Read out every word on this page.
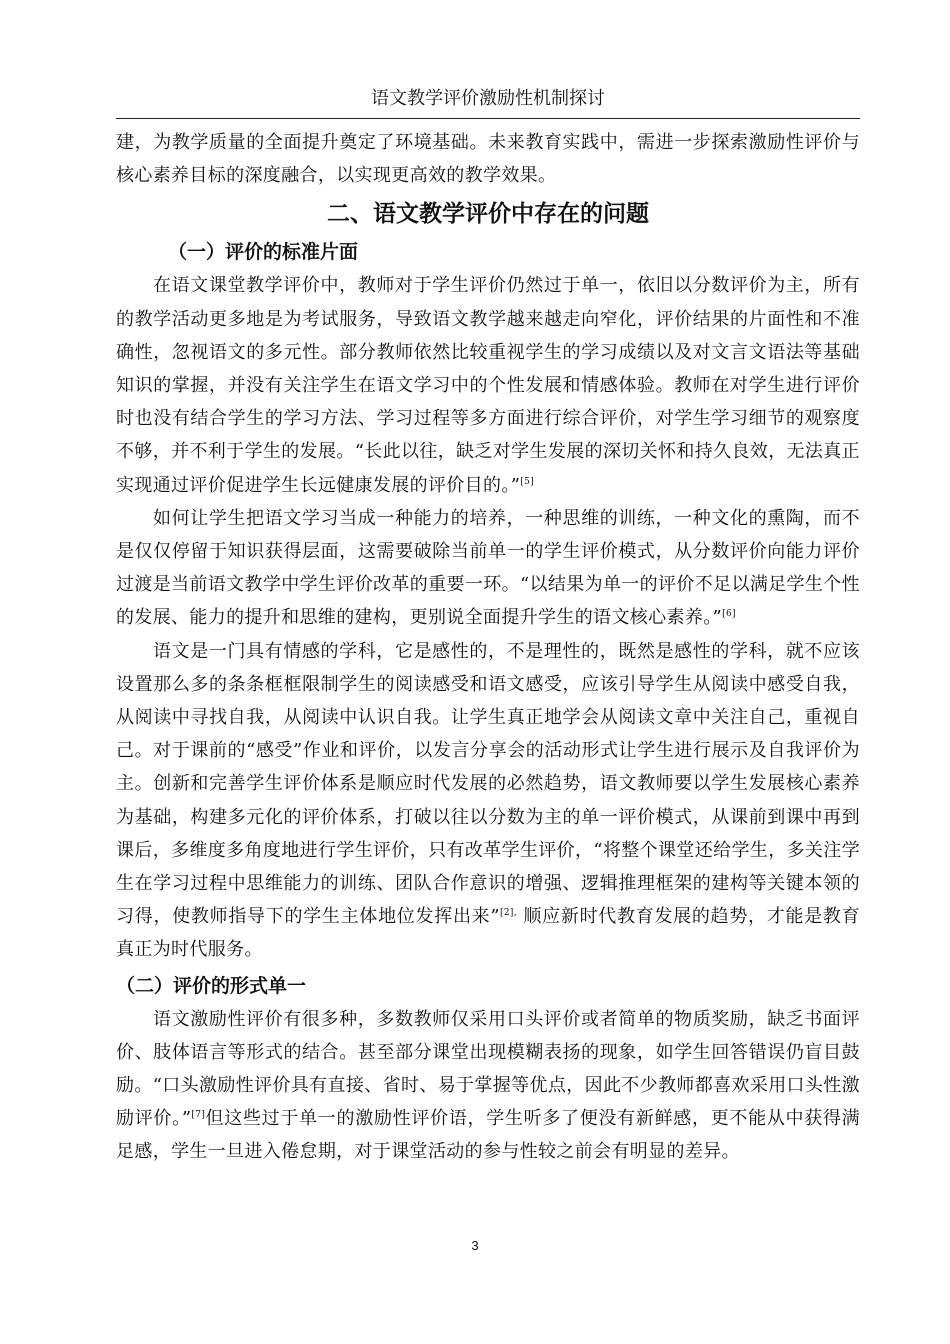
语文教学评价激励性机制探讨

建，为教学质量的全面提升奠定了环境基础。未来教育实践中，需进一步探索激励性评价与核心素养目标的深度融合，以实现更高效的教学效果。

二、语文教学评价中存在的问题
（一）评价的标准片面

在语文课堂教学评价中，教师对于学生评价仍然过于单一，依旧以分数评价为主，所有的教学活动更多地是为考试服务，导致语文教学越来越走向窄化，评价结果的片面性和不准确性，忽视语文的多元性。部分教师依然比较重视学生的学习成绩以及对文言文语法等基础知识的掌握，并没有关注学生在语文学习中的个性发展和情感体验。教师在对学生进行评价时也没有结合学生的学习方法、学习过程等多方面进行综合评价，对学生学习细节的观察度不够，并不利于学生的发展。“长此以往，缺乏对学生发展的深切关怀和持久良效，无法真正实现通过评价促进学生长远健康发展的评价目的。”[5]

如何让学生把语文学习当成一种能力的培养，一种思维的训练，一种文化的熏陶，而不是仅仅停留于知识获得层面，这需要破除当前单一的学生评价模式，从分数评价向能力评价过渡是当前语文教学中学生评价改革的重要一环。“以结果为单一的评价不足以满足学生个性的发展、能力的提升和思维的建构，更别说全面提升学生的语文核心素养。”[6]

语文是一门具有情感的学科，它是感性的，不是理性的，既然是感性的学科，就不应该设置那么多的条条框框限制学生的阅读感受和语文感受，应该引导学生从阅读中感受自我，从阅读中寻找自我，从阅读中认识自我。让学生真正地学会从阅读文章中关注自己，重视自己。对于课前的“感受”作业和评价，以发言分享会的活动形式让学生进行展示及自我评价为主。创新和完善学生评价体系是顺应时代发展的必然趋势，语文教师要以学生发展核心素养为基础，构建多元化的评价体系，打破以往以分数为主的单一评价模式，从课前到课中再到课后，多维度多角度地进行学生评价，只有改革学生评价，“将整个课堂还给学生，多关注学生在学习过程中思维能力的训练、团队合作意识的增强、逻辑推理框架的建构等关键本领的习得，使教师指导下的学生主体地位发挥出来”$^{[2],}$ 顺应新时代教育发展的趋势，才能是教育真正为时代服务。

（二）评价的形式单一

语文激励性评价有很多种，多数教师仅采用口头评价或者简单的物质奖励，缺乏书面评价、肢体语言等形式的结合。甚至部分课堂出现模糊表扬的现象，如学生回答错误仍盲目鼓励。“口头激励性评价具有直接、省时、易于掌握等优点，因此不少教师都喜欢采用口头性激励评价。”[7]但这些过于单一的激励性评价语，学生听多了便没有新鲜感，更不能从中获得满足感，学生一旦进入倦怠期，对于课堂活动的参与性较之前会有明显的差异。

3
